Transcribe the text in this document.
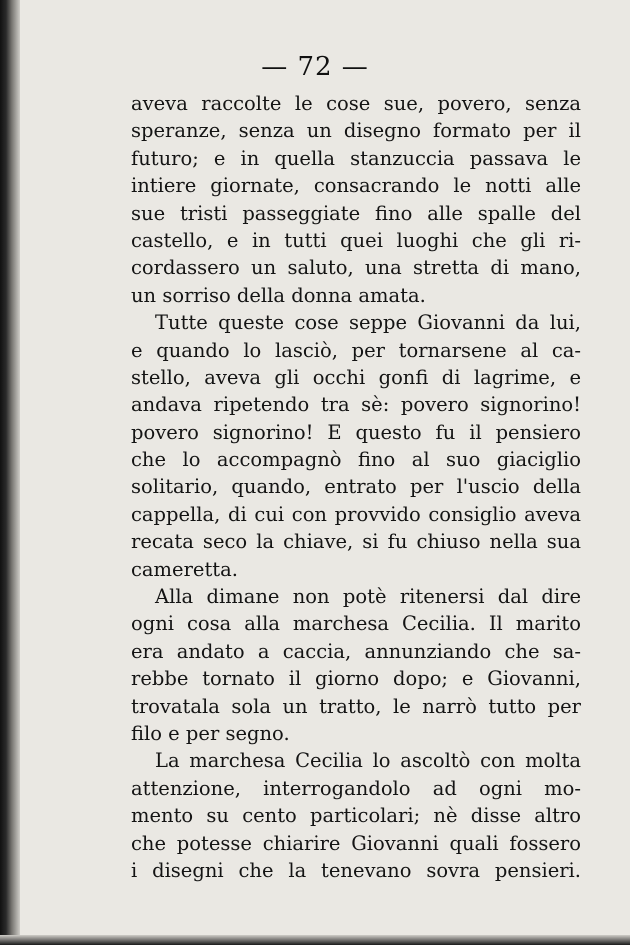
— 72 —
aveva raccolte le cose sue, povero, senza
speranze, senza un disegno formato per il
futuro; e in quella stanzuccia passava le
intiere giornate, consacrando le notti alle
sue tristi passeggiate fino alle spalle del
castello, e in tutti quei luoghi che gli ri-
cordassero un saluto, una stretta di mano,
un sorriso della donna amata.
Tutte queste cose seppe Giovanni da lui,
e quando lo lasciò, per tornarsene al ca-
stello, aveva gli occhi gonfi di lagrime, e
andava ripetendo tra sè: povero signorino!
povero signorino! E questo fu il pensiero
che lo accompagnò fino al suo giaciglio
solitario, quando, entrato per l'uscio della
cappella, di cui con provvido consiglio aveva
recata seco la chiave, si fu chiuso nella sua
cameretta.
Alla dimane non potè ritenersi dal dire
ogni cosa alla marchesa Cecilia. Il marito
era andato a caccia, annunziando che sa-
rebbe tornato il giorno dopo; e Giovanni,
trovatala sola un tratto, le narrò tutto per
filo e per segno.
La marchesa Cecilia lo ascoltò con molta
attenzione, interrogandolo ad ogni mo-
mento su cento particolari; nè disse altro
che potesse chiarire Giovanni quali fossero
i disegni che la tenevano sovra pensieri.
